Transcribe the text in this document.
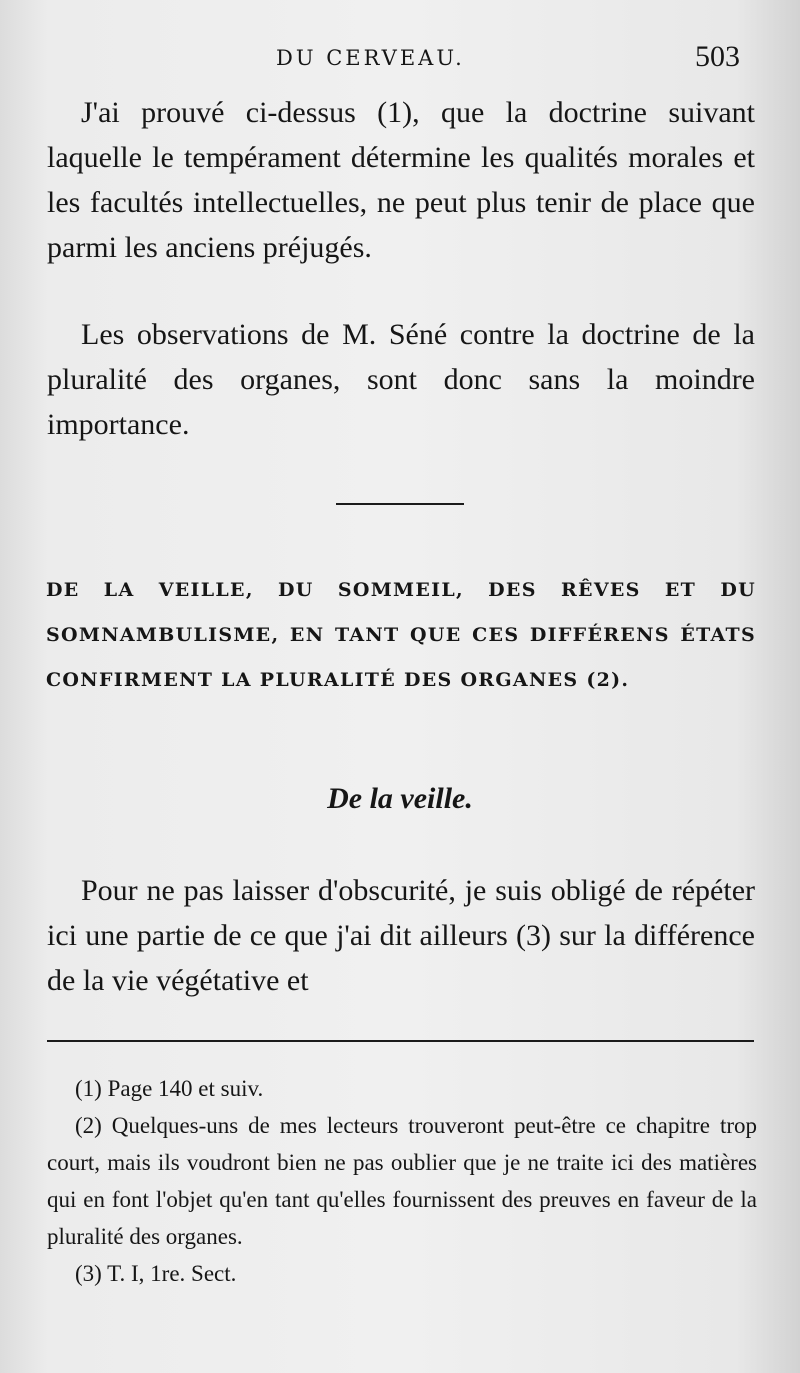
DU CERVEAU.	503

J'ai prouvé ci-dessus (1), que la doctrine suivant laquelle le tempérament détermine les qualités morales et les facultés intellectuelles, ne peut plus tenir de place que parmi les anciens préjugés.

Les observations de M. Séné contre la doctrine de la pluralité des organes, sont donc sans la moindre importance.

DE LA VEILLE, DU SOMMEIL, DES RÊVES ET DU SOMNAMBULISME, EN TANT QUE CES DIFFÉRENS ÉTATS CONFIRMENT LA PLURALITÉ DES ORGANES (2).
De la veille.

Pour ne pas laisser d'obscurité, je suis obligé de répéter ici une partie de ce que j'ai dit ailleurs (3) sur la différence de la vie végétative et

(1) Page 140 et suiv.

(2) Quelques-uns de mes lecteurs trouveront peut-être ce chapitre trop court, mais ils voudront bien ne pas oublier que je ne traite ici des matières qui en font l'objet qu'en tant qu'elles fournissent des preuves en faveur de la pluralité des organes.

(3) T. I, 1re. Sect.
